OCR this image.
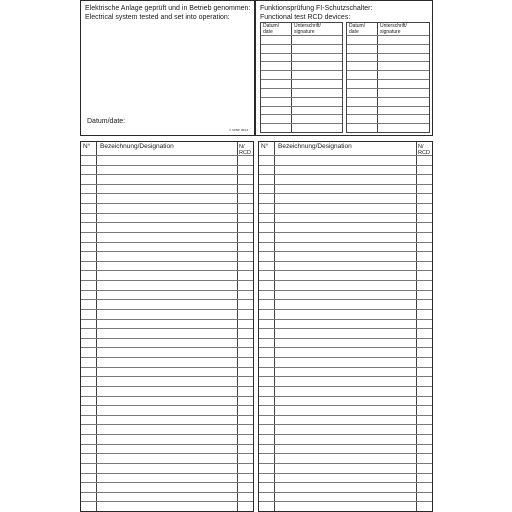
Elektrische Anlage geprüft und in Betrieb genommen:
Electrical system tested and set into operation:
Datum/date:
© SKBP 05/14
Funktionsprüfung FI-Schutzschalter:
Functional test RCD devices:
Datum/
date
Unterschrift/
signature
Datum/
date
Unterschrift/
signature
N° Bezeichnung/Designation	N/
RCD
N° Bezeichnung/Designation	N/
RCD
